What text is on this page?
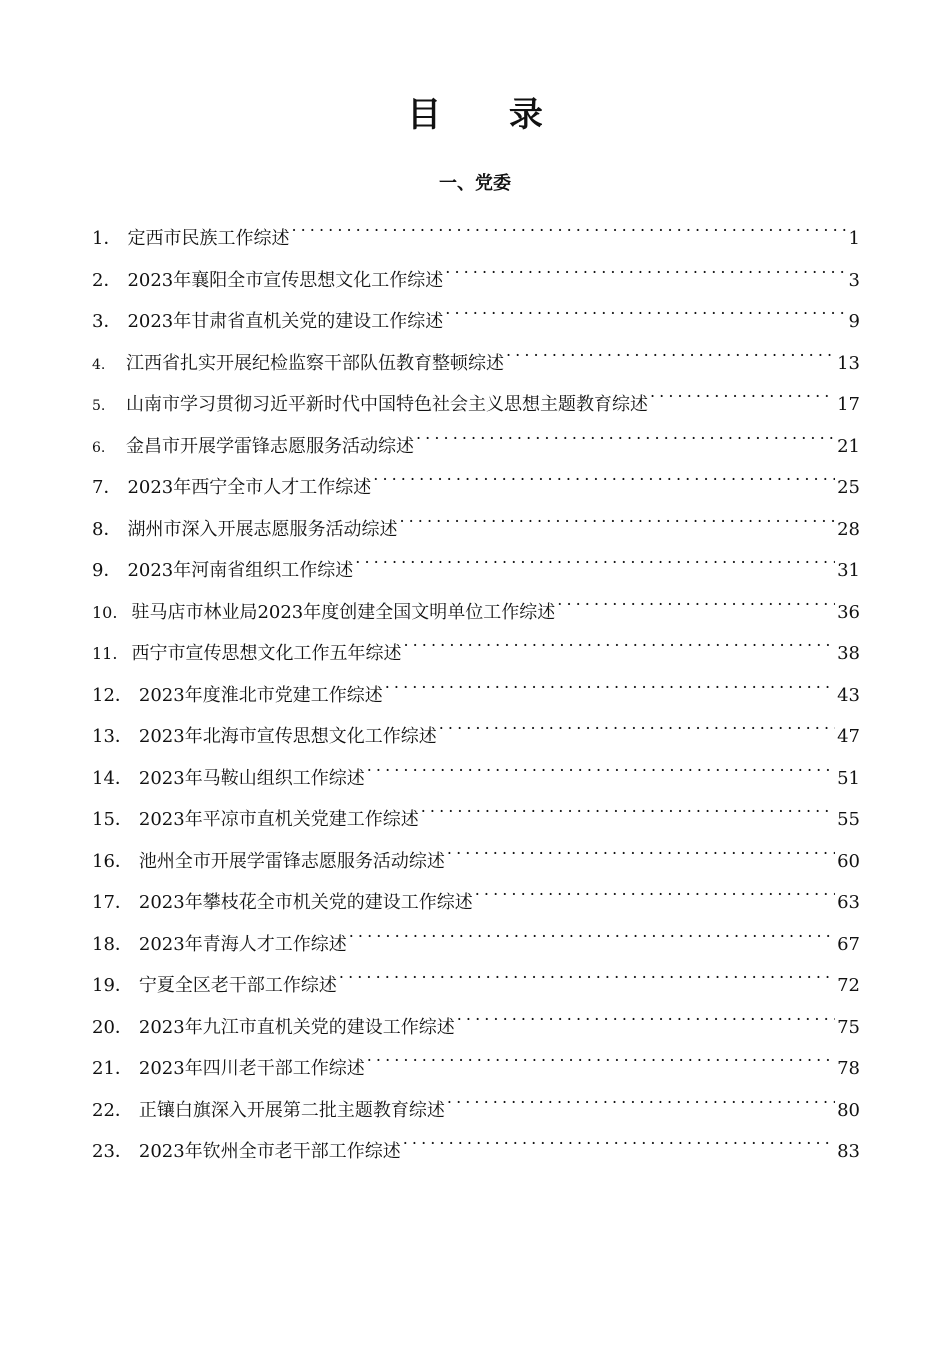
目 录
一、党委
1． 定西市民族工作综述 . . .	1
2． 2023年襄阳全市宣传思想文化工作综述 . . .	3
3． 2023年甘肃省直机关党的建设工作综述 . . .	9
4.	江西省扎实开展纪检监察干部队伍教育整顿综述 . . .	13
5.	山南市学习贯彻习近平新时代中国特色社会主义思想主题教育综述 . . .	17
6.	金昌市开展学雷锋志愿服务活动综述 . . .	21
7． 2023年西宁全市人才工作综述 . . .	25
8． 湖州市深入开展志愿服务活动综述 . . .	28
9． 2023年河南省组织工作综述 . . .	31
10. 驻马店市林业局2023年度创建全国文明单位工作综述 . . .	36
11. 西宁市宣传思想文化工作五年综述 . . .	38
12． 2023年度淮北市党建工作综述 . . .	43
13． 2023年北海市宣传思想文化工作综述 . . .	47
14． 2023年马鞍山组织工作综述 . . .	51
15． 2023年平凉市直机关党建工作综述 . . .	55
16． 池州全市开展学雷锋志愿服务活动综述 . . .	60
17． 2023年攀枝花全市机关党的建设工作综述 . . .	63
18． 2023年青海人才工作综述 . . .	67
19． 宁夏全区老干部工作综述 . . .	72
20． 2023年九江市直机关党的建设工作综述 . . .	75
21． 2023年四川老干部工作综述 . . .	78
22． 正镶白旗深入开展第二批主题教育综述 . . .	80
23． 2023年钦州全市老干部工作综述 . . .	83
